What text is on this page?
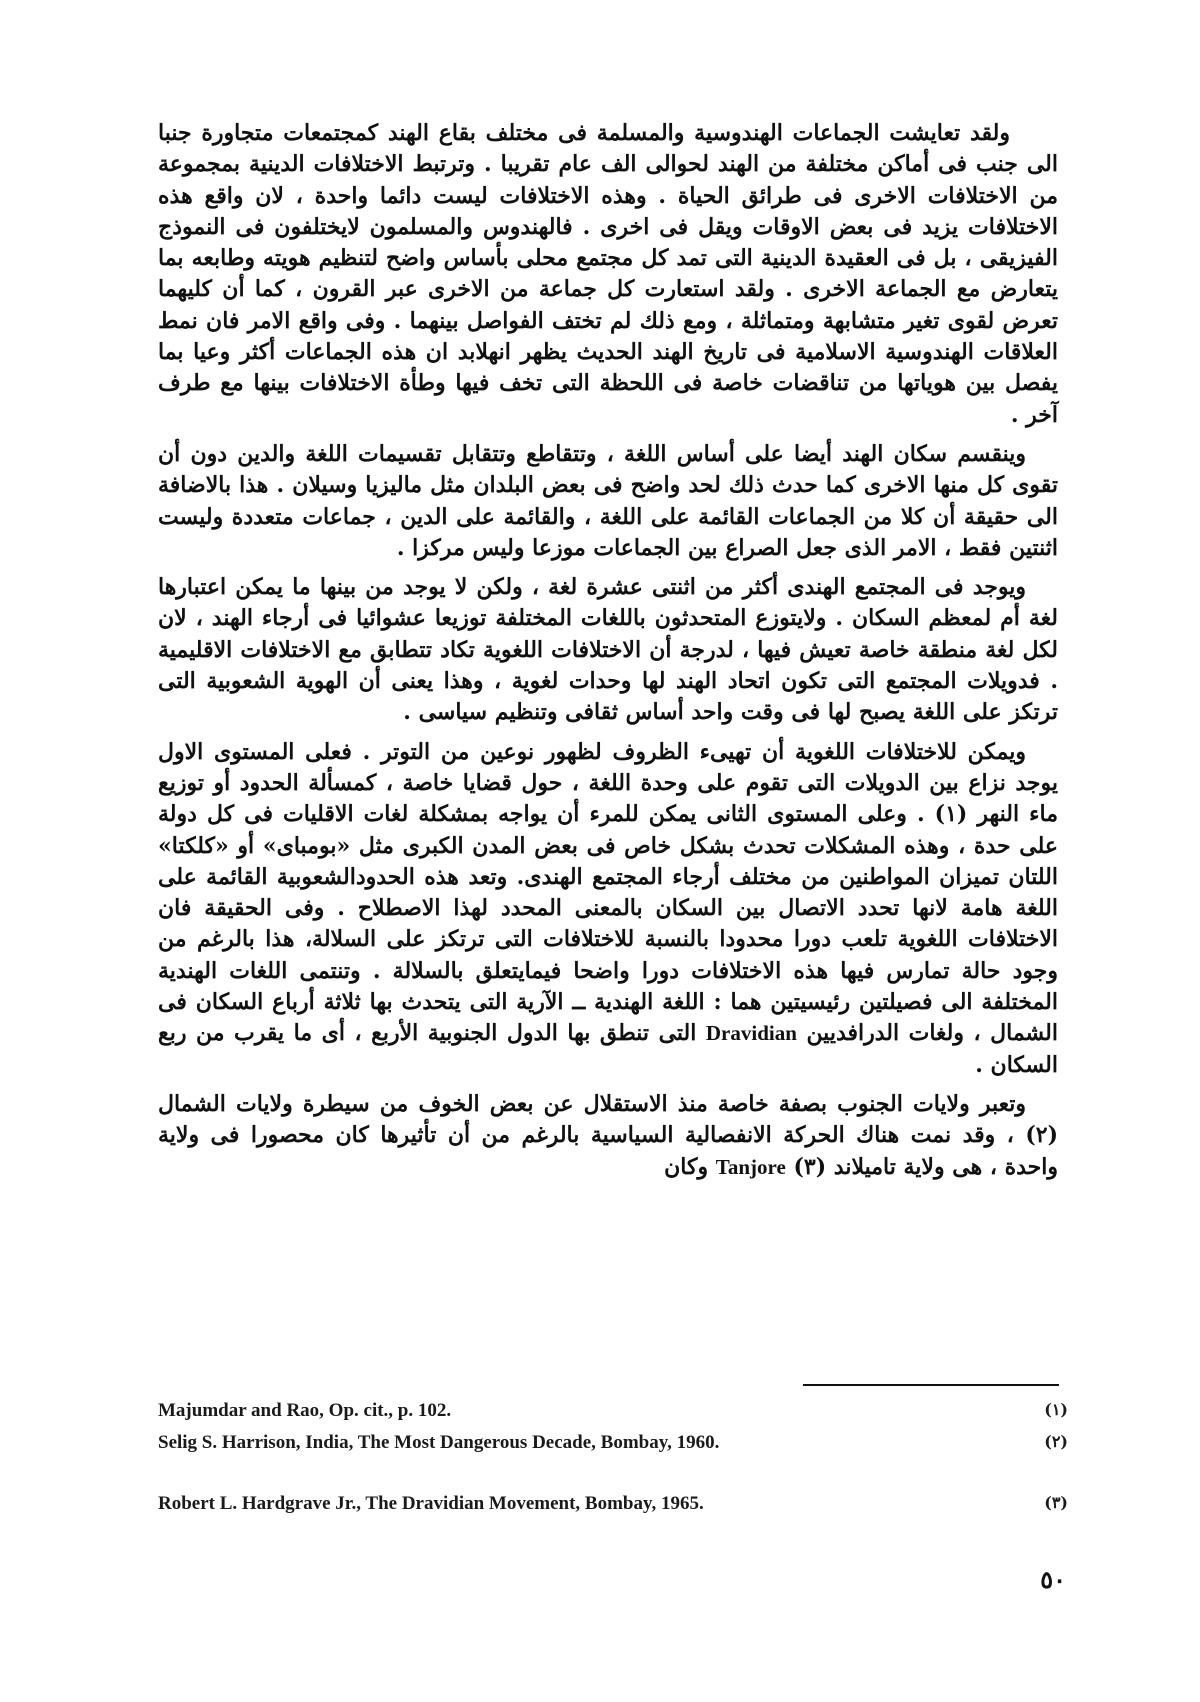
ولقد تعايشت الجماعات الهندوسية والمسلمة فى مختلف بقاع الهند كمجتمعات متجاورة جنبا الى جنب فى أماكن مختلفة من الهند لحوالى الف عام تقريبا . وترتبط الاختلافات الدينية بمجموعة من الاختلافات الاخرى فى طرائق الحياة . وهذه الاختلافات ليست دائما واحدة ، لان واقع هذه الاختلافات يزيد فى بعض الاوقات ويقل فى اخرى . فالهندوس والمسلمون لايختلفون فى النموذج الفيزيقى ، بل فى العقيدة الدينية التى تمد كل مجتمع محلى بأساس واضح لتنظيم هويته وطابعه بما يتعارض مع الجماعة الاخرى . ولقد استعارت كل جماعة من الاخرى عبر القرون ، كما أن كليهما تعرض لقوى تغير متشابهة ومتماثلة ، ومع ذلك لم تختف الفواصل بينهما . وفى واقع الامر فان نمط العلاقات الهندوسية الاسلامية فى تاريخ الهند الحديث يظهر انهلابد ان هذه الجماعات أكثر وعيا بما يفصل بين هوياتها من تناقضات خاصة فى اللحظة التى تخف فيها وطأة الاختلافات بينها مع طرف آخر .

وينقسم سكان الهند أيضا على أساس اللغة ، وتتقاطع وتتقابل تقسيمات اللغة والدين دون أن تقوى كل منها الاخرى كما حدث ذلك لحد واضح فى بعض البلدان مثل ماليزيا وسيلان . هذا بالاضافة الى حقيقة أن كلا من الجماعات القائمة على اللغة ، والقائمة على الدين ، جماعات متعددة وليست اثنتين فقط ، الامر الذى جعل الصراع بين الجماعات موزعا وليس مركزا .

ويوجد فى المجتمع الهندى أكثر من اثنتى عشرة لغة ، ولكن لا يوجد من بينها ما يمكن اعتبارها لغة أم لمعظم السكان . ولايتوزع المتحدثون باللغات المختلفة توزيعا عشوائيا فى أرجاء الهند ، لان لكل لغة منطقة خاصة تعيش فيها ، لدرجة أن الاختلافات اللغوية تكاد تتطابق مع الاختلافات الاقليمية . فدويلات المجتمع التى تكون اتحاد الهند لها وحدات لغوية ، وهذا يعنى أن الهوية الشعوبية التى ترتكز على اللغة يصبح لها فى وقت واحد أساس ثقافى وتنظيم سياسى .

ويمكن للاختلافات اللغوية أن تهيىء الظروف لظهور نوعين من التوتر . فعلى المستوى الاول يوجد نزاع بين الدويلات التى تقوم على وحدة اللغة ، حول قضايا خاصة ، كمسألة الحدود أو توزيع ماء النهر (١) . وعلى المستوى الثانى يمكن للمرء أن يواجه بمشكلة لغات الاقليات فى كل دولة على حدة ، وهذه المشكلات تحدث بشكل خاص فى بعض المدن الكبرى مثل «بومباى» أو «كلكتا» اللتان تميزان المواطنين من مختلف أرجاء المجتمع الهندى. وتعد هذه الحدودالشعوبية القائمة على اللغة هامة لانها تحدد الاتصال بين السكان بالمعنى المحدد لهذا الاصطلاح . وفى الحقيقة فان الاختلافات اللغوية تلعب دورا محدودا بالنسبة للاختلافات التى ترتكز على السلالة، هذا بالرغم من وجود حالة تمارس فيها هذه الاختلافات دورا واضحا فيمايتعلق بالسلالة . وتنتمى اللغات الهندية المختلفة الى فصيلتين رئيسيتين هما : اللغة الهندية ــ الآرية التى يتحدث بها ثلاثة أرباع السكان فى الشمال ، ولغات الدرافديين Dravidian التى تنطق بها الدول الجنوبية الأربع ، أى ما يقرب من ربع السكان .

وتعبر ولايات الجنوب بصفة خاصة منذ الاستقلال عن بعض الخوف من سيطرة ولايات الشمال (٢) ، وقد نمت هناك الحركة الانفصالية السياسية بالرغم من أن تأثيرها كان محصورا فى ولاية واحدة ، هى ولاية تاميلاند (٣) Tanjore وكان

Majumdar and Rao, Op. cit., p. 102.	(١)
Selig S. Harrison, India, The Most Dangerous Decade, Bombay, 1960.	(٢)
Robert L. Hardgrave Jr., The Dravidian Movement, Bombay, 1965.	(٣)
٥٠
